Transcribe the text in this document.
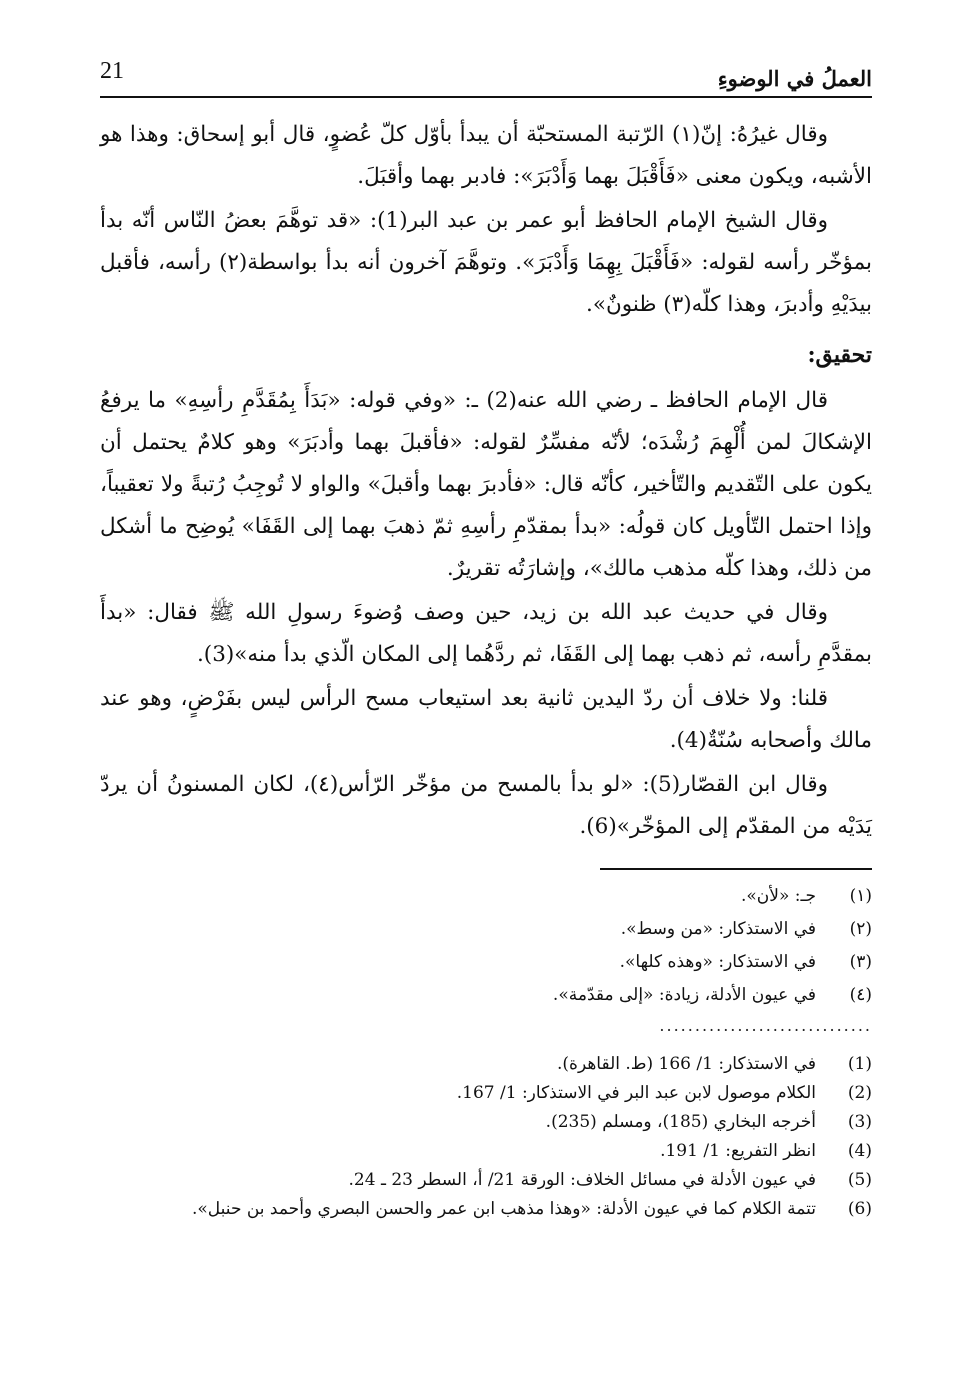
21	العملُ في الوضوءِ

وقال غيرُهُ: إنّ(١) الرّتبة المستحبّة أن يبدأ بأوّل كلّ عُضوٍ، قال أبو إسحاق: وهذا هو الأشبه، ويكون معنى «فَأَقْبَلَ بهما وَأَدْبَرَ»: فادبر بهما وأقبَلَ.

وقال الشيخ الإمام الحافظ أبو عمر بن عبد البر(1): «قد توهَّمَ بعضُ النّاس أنّه بدأ بمؤخّر رأسه لقوله: «فَأَقْبَلَ بِهِمَا وَأَدْبَرَ». وتوهَّمَ آخرون أنه بدأ بواسطة(٢) رأسه، فأقبل بيدَيْهِ وأدبرَ، وهذا كلّه(٣) ظنونٌ».

تحقيق:

قال الإمام الحافظ ـ رضي الله عنه(2) ـ: «وفي قوله: «بَدَأَ بِمُقَدَّمِ رأسِهِ» ما يرفعُ الإشكالَ لمن أُلْهِمَ رُشْدَه؛ لأنّه مفسِّرٌ لقوله: «فأقبلَ بهما وأدبَرَ» وهو كلامٌ يحتمل أن يكون على التّقديم والتّأخير، كأنّه قال: «فأدبرَ بهما وأقبلَ» والواو لا تُوجِبُ رُتبةً ولا تعقيباً، وإذا احتمل التّأويل كان قولُه: «بدأ بمقدّمِ رأسِهِ ثمّ ذهبَ بهما إلى القَفَا» يُوضِح ما أشكل من ذلك، وهذا كلّه مذهب مالك»، وإشارَتُه تقريرٌ.

وقال في حديث عبد الله بن زيد، حين وصف وُضوءَ رسولِ الله ﷺ فقال: «بدأَ بمقدَّمِ رأسه، ثم ذهب بهما إلى القَفَا، ثم ردَّهُما إلى المكان الّذي بدأ منه»(3).

قلنا: ولا خلاف أن ردّ اليدين ثانية بعد استيعاب مسح الرأس ليس بفَرْضٍ، وهو عند مالك وأصحابه سُنّةٌ(4).

وقال ابن القصّار(5): «لو بدأ بالمسح من مؤخّر الرّأس(٤)، لكان المسنونُ أن يردّ يَدَيْه من المقدّم إلى المؤخّر»(6).

(١)
جـ: «لأن».
(٢)
في الاستذكار: «من وسط».
(٣)
في الاستذكار: «وهذه كلها».
(٤)
في عيون الأدلة، زيادة: «إلى مقدّمة».
..............................
(1)
في الاستذكار: 1/ 166 (ط. القاهرة).
(2)
الكلام موصول لابن عبد البر في الاستذكار: 1/ 167.
(3)
أخرجه البخاري (185)، ومسلم (235).
(4)
انظر التفريع: 1/ 191.
(5)
في عيون الأدلة في مسائل الخلاف: الورقة 21/ أ، السطر 23 ـ 24.
(6)
تتمة الكلام كما في عيون الأدلة: «وهذا مذهب ابن عمر والحسن البصري وأحمد بن حنبل».
